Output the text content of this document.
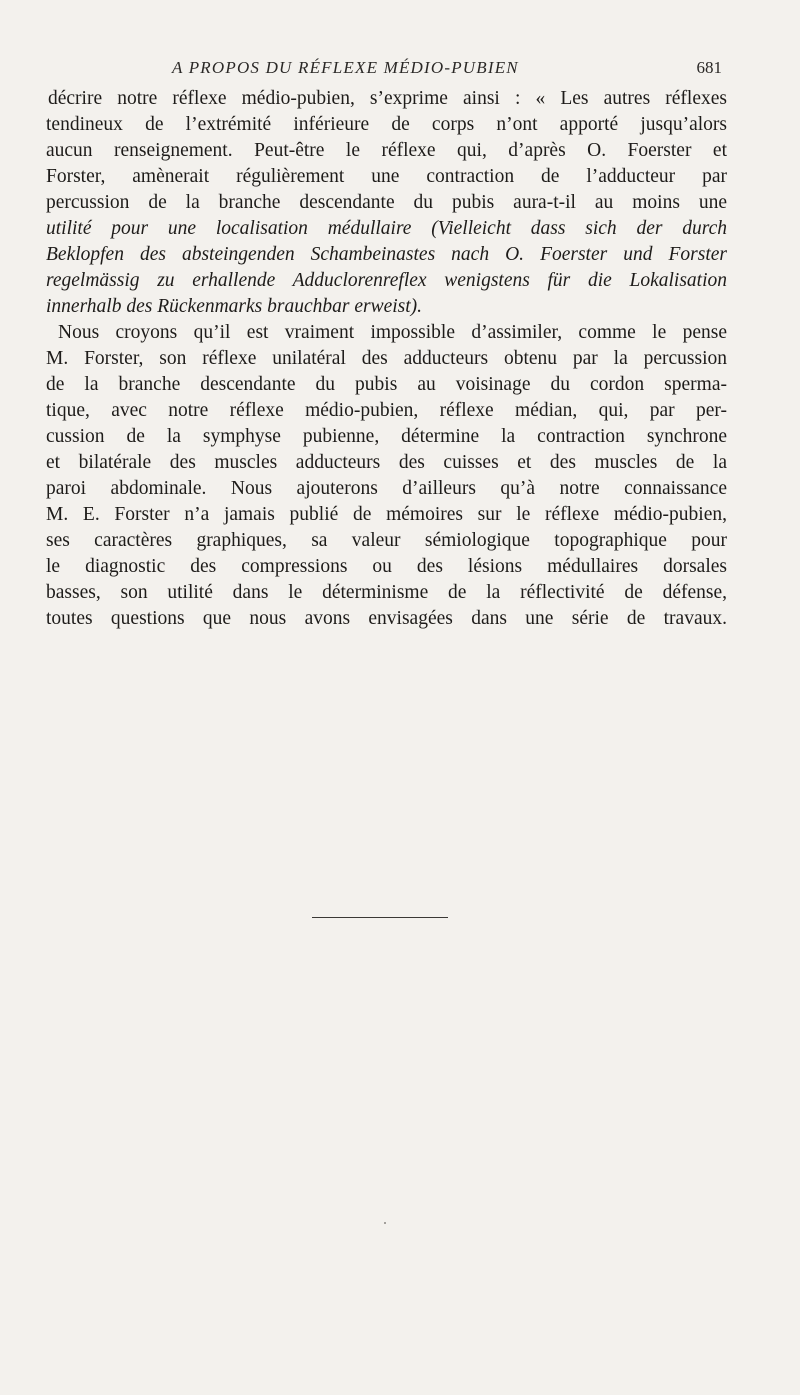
A PROPOS DU RÉFLEXE MÉDIO-PUBIEN	681
décrire notre réflexe médio-pubien, s’exprime ainsi : « Les autres réflexes
tendineux de l’extrémité inférieure de corps n’ont apporté jusqu’alors
aucun renseignement. Peut-être le réflexe qui, d’après O. Foerster et
Forster, amènerait régulièrement une contraction de l’adducteur par
percussion de la branche descendante du pubis aura-t-il au moins une
utilité pour une localisation médullaire (Vielleicht dass sich der durch
Beklopfen des absteingenden Schambeinastes nach O. Foerster und Forster
regelmässig zu erhallende Adduclorenreflex wenigstens für die Lokalisation
innerhalb des Rückenmarks brauchbar erweist).
Nous croyons qu’il est vraiment impossible d’assimiler, comme le pense
M. Forster, son réflexe unilatéral des adducteurs obtenu par la percussion
de la branche descendante du pubis au voisinage du cordon sperma-
tique, avec notre réflexe médio-pubien, réflexe médian, qui, par per-
cussion de la symphyse pubienne, détermine la contraction synchrone
et bilatérale des muscles adducteurs des cuisses et des muscles de la
paroi abdominale. Nous ajouterons d’ailleurs qu’à notre connaissance
M. E. Forster n’a jamais publié de mémoires sur le réflexe médio-pubien,
ses caractères graphiques, sa valeur sémiologique topographique pour
le diagnostic des compressions ou des lésions médullaires dorsales
basses, son utilité dans le déterminisme de la réflectivité de défense,
toutes questions que nous avons envisagées dans une série de travaux.
